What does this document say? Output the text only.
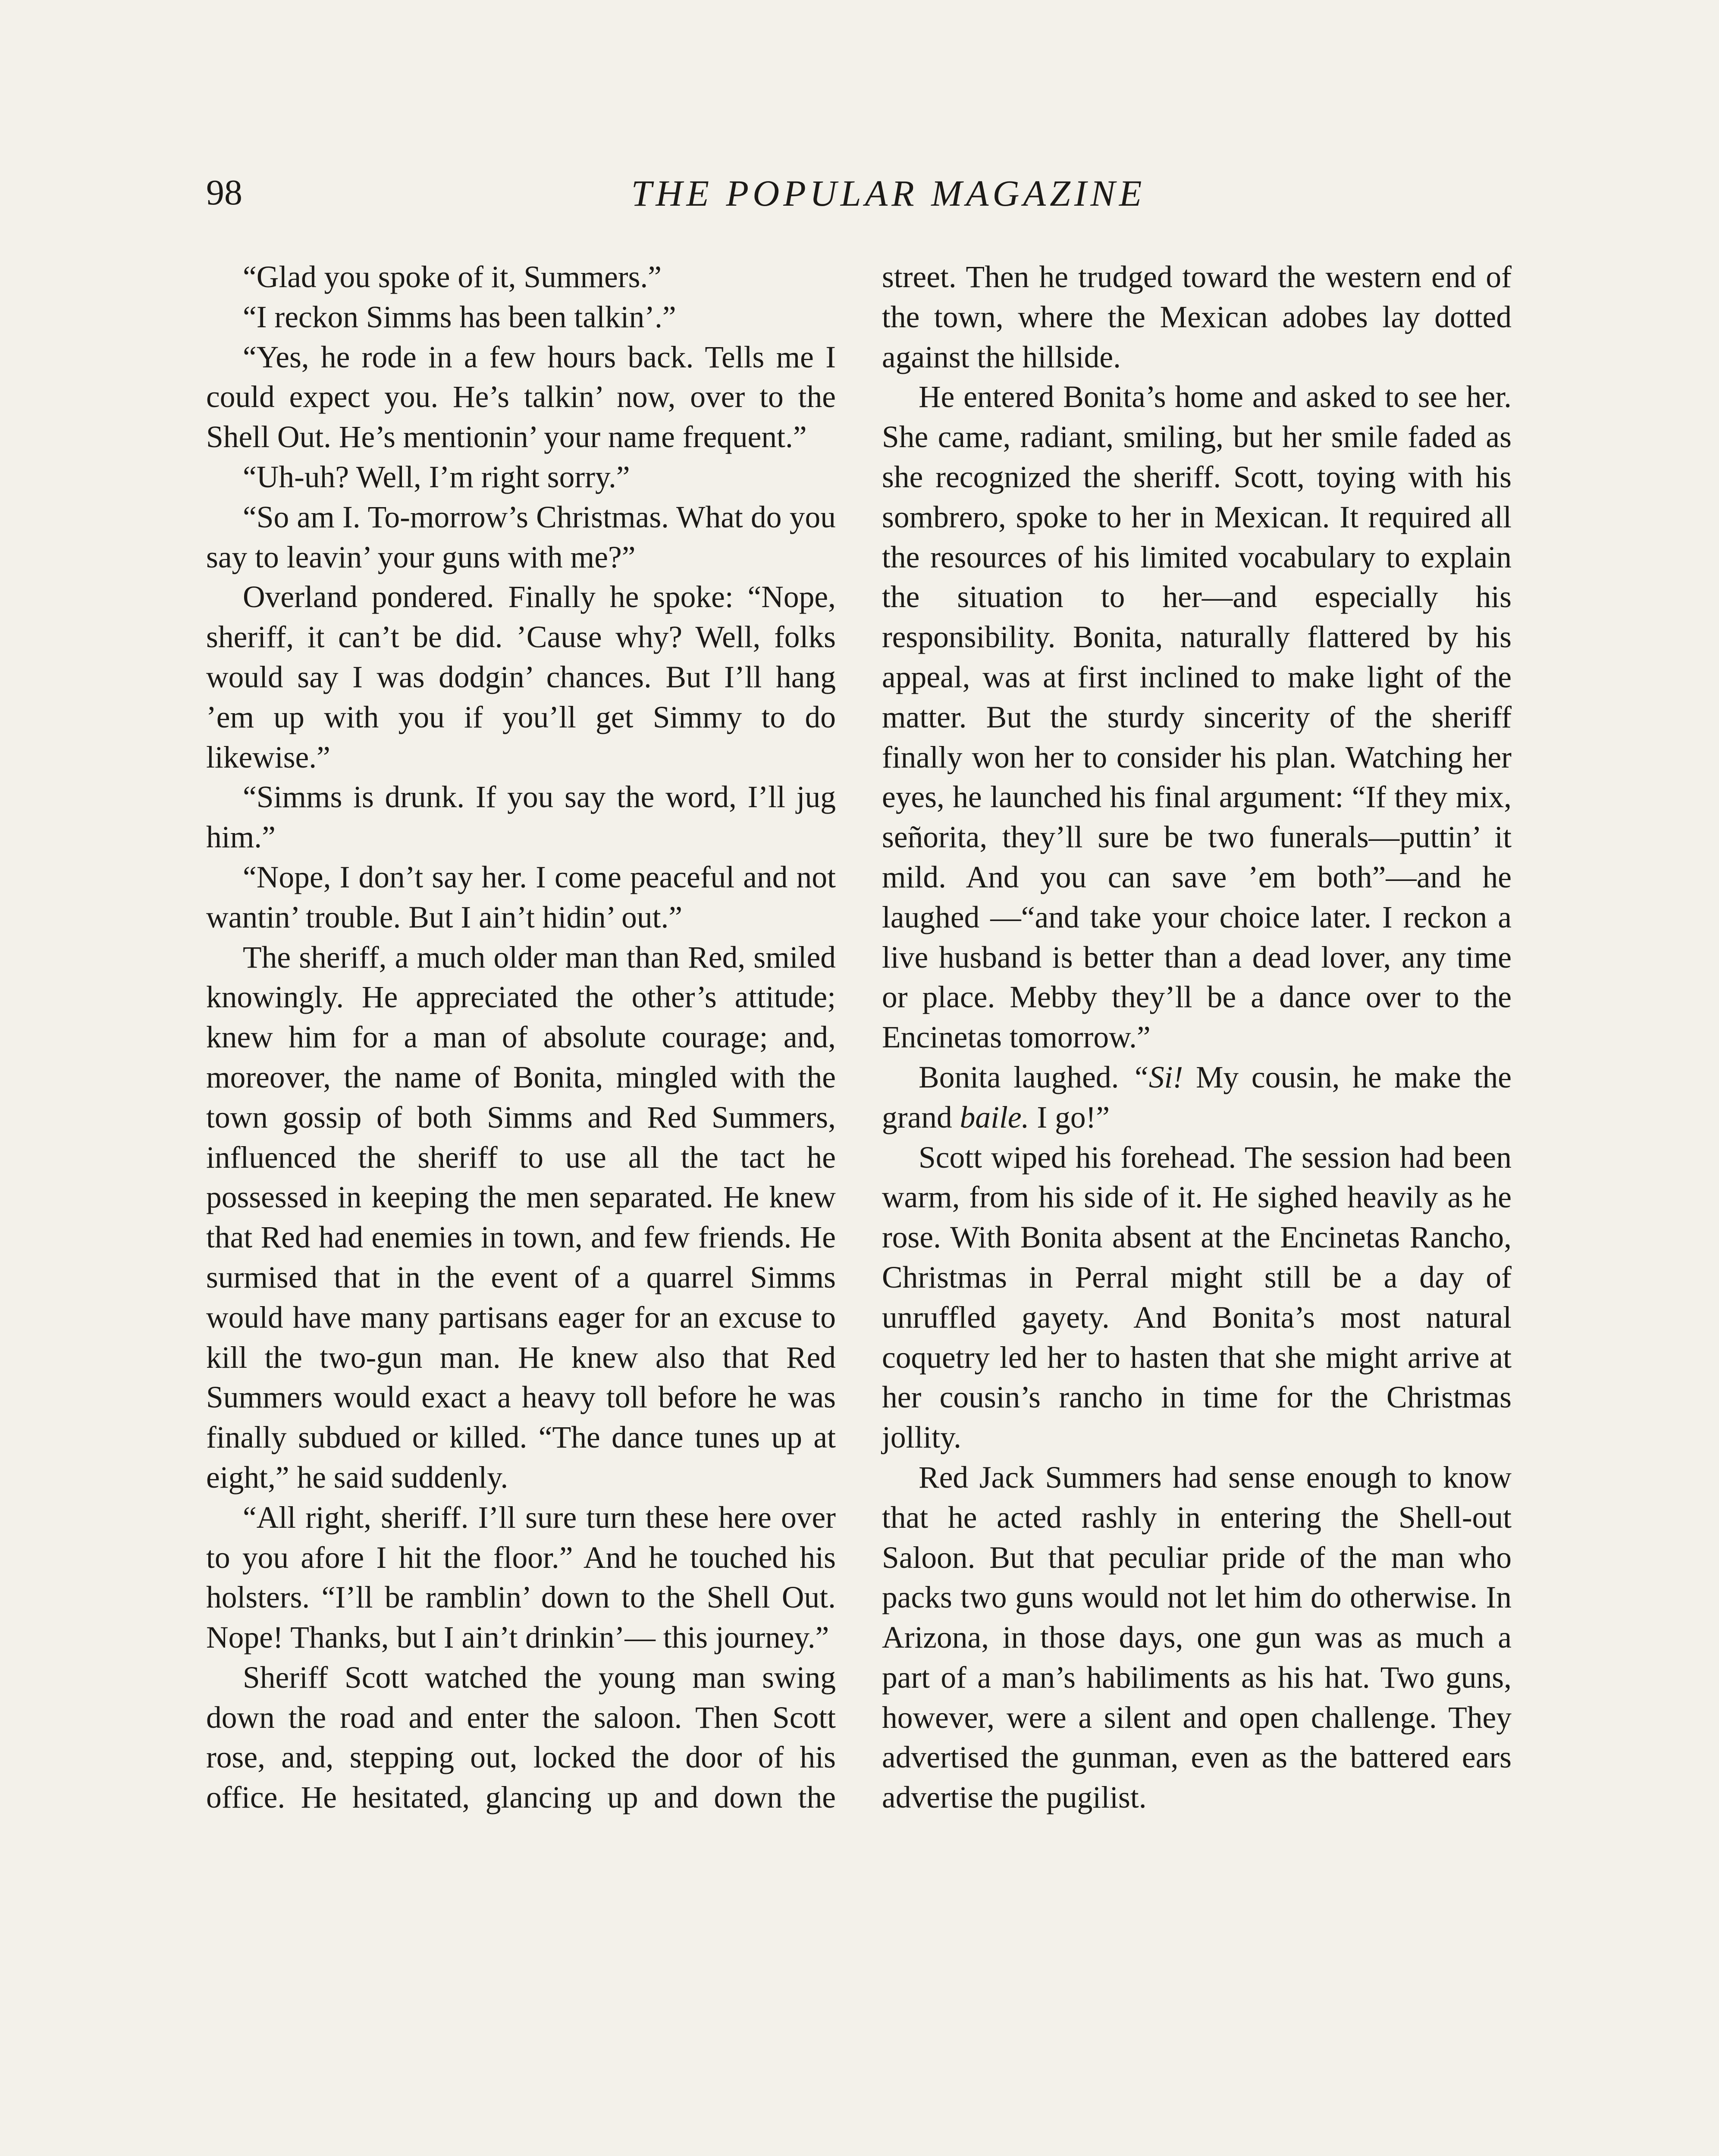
98	THE POPULAR MAGAZINE

“Glad you spoke of it, Summers.”

“I reckon Simms has been talkin’.”

“Yes, he rode in a few hours back. Tells me I could expect you. He’s talkin’ now, over to the Shell Out. He’s mentionin’ your name frequent.”

“Uh-uh? Well, I’m right sorry.”

“So am I. To-morrow’s Christmas. What do you say to leavin’ your guns with me?”

Overland pondered. Finally he spoke: “Nope, sheriff, it can’t be did. ’Cause why? Well, folks would say I was dodgin’ chances. But I’ll hang ’em up with you if you’ll get Simmy to do likewise.”

“Simms is drunk. If you say the word, I’ll jug him.”

“Nope, I don’t say her. I come peaceful and not wantin’ trouble. But I ain’t hidin’ out.”

The sheriff, a much older man than Red, smiled knowingly. He appreciated the other’s attitude; knew him for a man of absolute courage; and, moreover, the name of Bonita, mingled with the town gossip of both Simms and Red Summers, influenced the sheriff to use all the tact he possessed in keeping the men separated. He knew that Red had enemies in town, and few friends. He surmised that in the event of a quarrel Simms would have many partisans eager for an excuse to kill the two-gun man. He knew also that Red Summers would exact a heavy toll before he was finally subdued or killed. “The dance tunes up at eight,” he said suddenly.

“All right, sheriff. I’ll sure turn these here over to you afore I hit the floor.” And he touched his holsters. “I’ll be ramblin’ down to the Shell Out. Nope! Thanks, but I ain’t drinkin’— this journey.”

Sheriff Scott watched the young man swing down the road and enter the saloon. Then Scott rose, and, stepping out, locked the door of his office. He hesitated, glancing up and down the

street. Then he trudged toward the western end of the town, where the Mexican adobes lay dotted against the hillside.

He entered Bonita’s home and asked to see her. She came, radiant, smiling, but her smile faded as she recognized the sheriff. Scott, toying with his sombrero, spoke to her in Mexican. It required all the resources of his limited vocabulary to explain the situation to her—and especially his responsibility. Bonita, naturally flattered by his appeal, was at first inclined to make light of the matter. But the sturdy sincerity of the sheriff finally won her to consider his plan. Watching her eyes, he launched his final argument: “If they mix, señorita, they’ll sure be two funerals—puttin’ it mild. And you can save ’em both”—and he laughed —“and take your choice later. I reckon a live husband is better than a dead lover, any time or place. Mebby they’ll be a dance over to the Encinetas tomorrow.”

Bonita laughed. “Si! My cousin, he make the grand baile. I go!”

Scott wiped his forehead. The session had been warm, from his side of it. He sighed heavily as he rose. With Bonita absent at the Encinetas Rancho, Christmas in Perral might still be a day of unruffled gayety. And Bonita’s most natural coquetry led her to hasten that she might arrive at her cousin’s rancho in time for the Christmas jollity.

Red Jack Summers had sense enough to know that he acted rashly in entering the Shell-out Saloon. But that peculiar pride of the man who packs two guns would not let him do otherwise. In Arizona, in those days, one gun was as much a part of a man’s habiliments as his hat. Two guns, however, were a silent and open challenge. They advertised the gunman, even as the battered ears advertise the pugilist.
